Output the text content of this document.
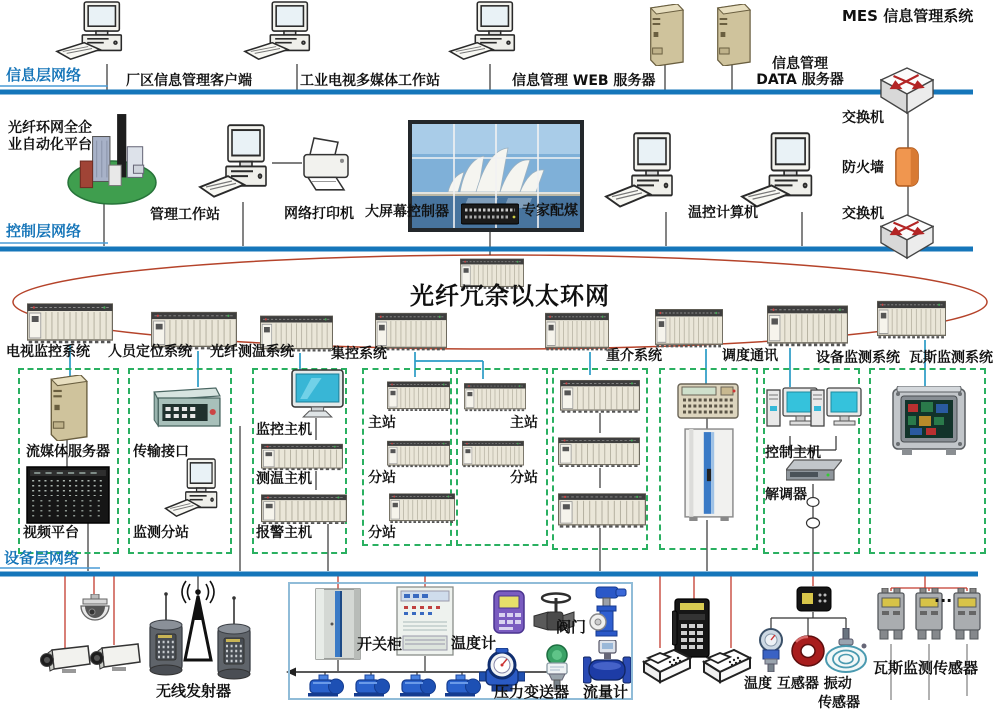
信息层网络	厂区信息管理客户端	工业电视多媒体工作站	信息管理 WEB 服务器
信息管理
DATA 服务器
MES 信息管理系统
交换机
防火墙
交换机
光纤环网全企
业自动化平台
管理工作站	网络打印机 大屏幕控制器	专家配煤	温控计算机
控制层网络
光纤冗余以太环网
电视监控系统 人员定位系统	光纤测温系统	集控系统	重介系统	调度通讯	设备监测系统 瓦斯监测系统
流媒体服务器
视频平台
传输接口
监测分站
监控主机
测温主机
报警主机
主站
分站
分站
主站
分站
控制主机
解调器
设备层网络
无线发射器
开关柜	温度计
阀门
压力变送器 流量计	温度 互感器 振动
传感器
瓦斯监测传感器
···
